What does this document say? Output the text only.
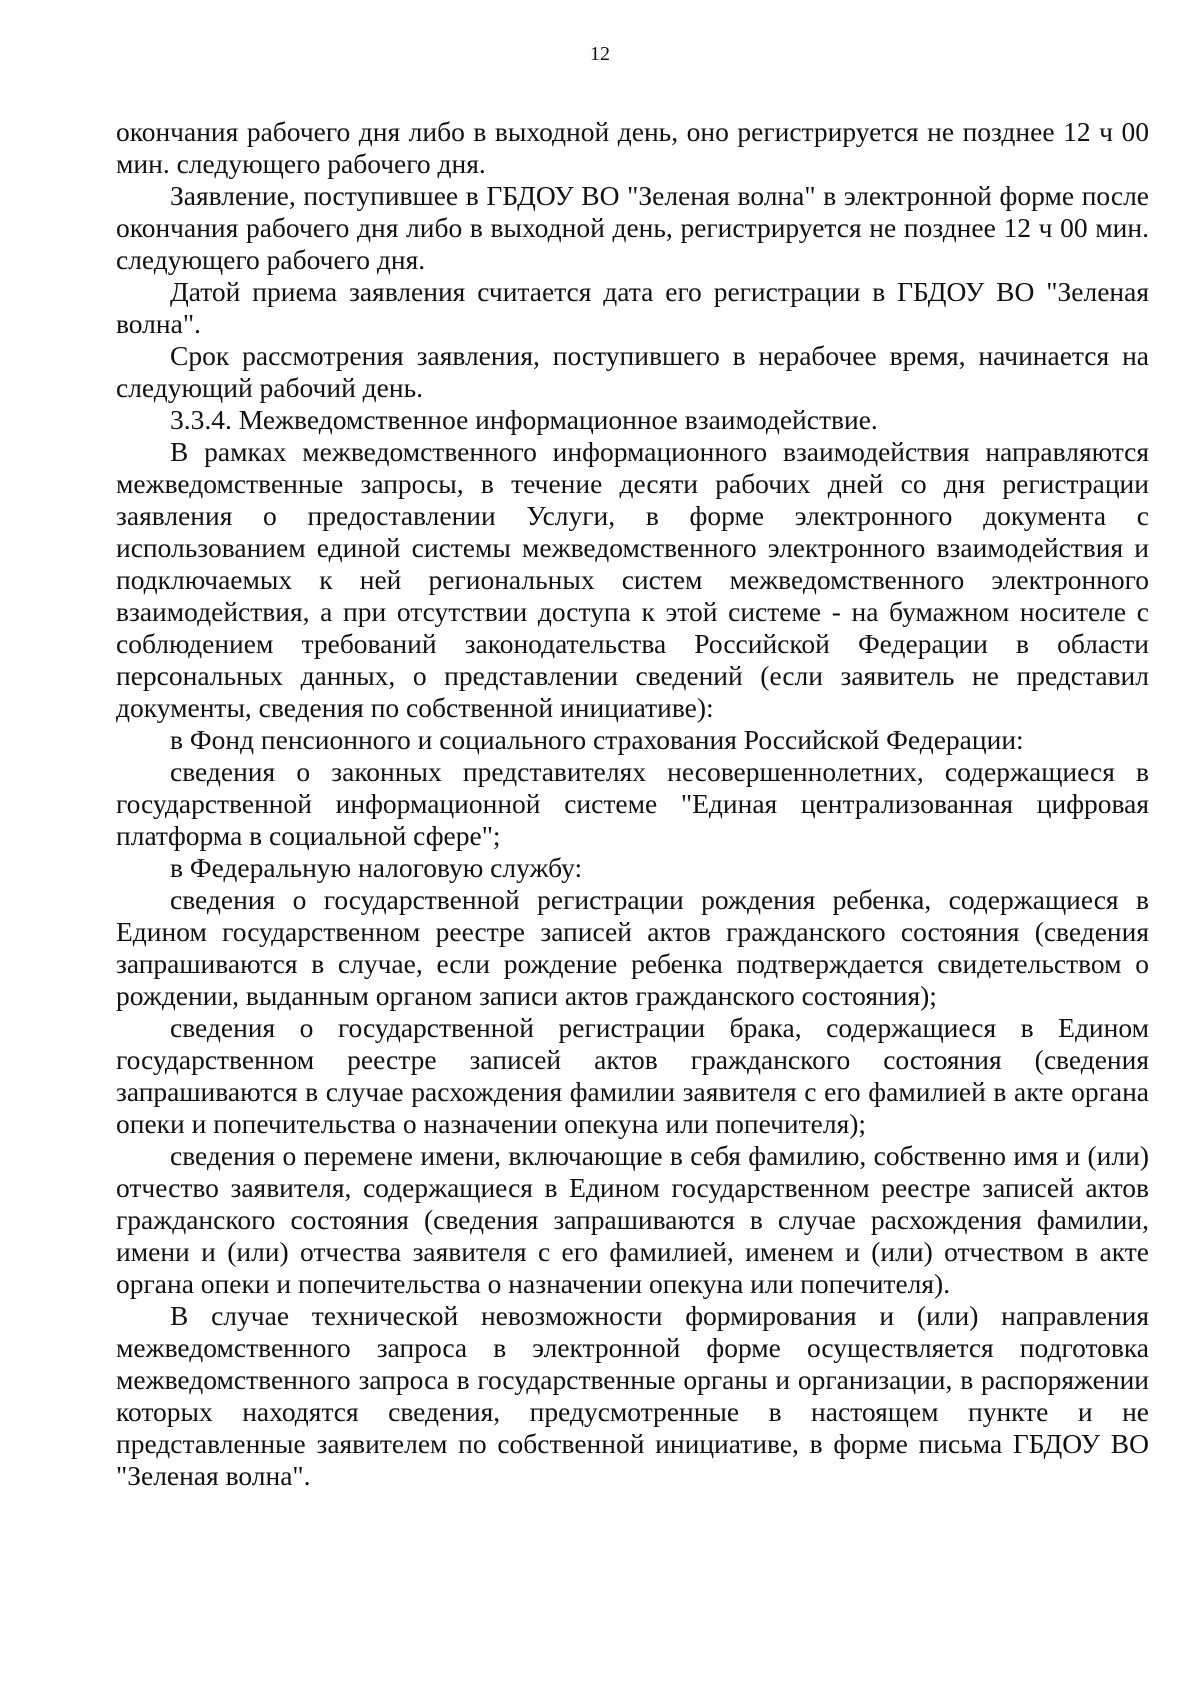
12

окончания рабочего дня либо в выходной день, оно регистрируется не позднее 12 ч 00 мин. следующего рабочего дня.

Заявление, поступившее в ГБДОУ ВО "Зеленая волна" в электронной форме после окончания рабочего дня либо в выходной день, регистрируется не позднее 12 ч 00 мин. следующего рабочего дня.

Датой приема заявления считается дата его регистрации в ГБДОУ ВО "Зеленая волна".

Срок рассмотрения заявления, поступившего в нерабочее время, начинается на следующий рабочий день.

3.3.4. Межведомственное информационное взаимодействие.

В рамках межведомственного информационного взаимодействия направляются межведомственные запросы, в течение десяти рабочих дней со дня регистрации заявления о предоставлении Услуги, в форме электронного документа с использованием единой системы межведомственного электронного взаимодействия и подключаемых к ней региональных систем межведомственного электронного взаимодействия, а при отсутствии доступа к этой системе - на бумажном носителе с соблюдением требований законодательства Российской Федерации в области персональных данных, о представлении сведений (если заявитель не представил документы, сведения по собственной инициативе):

в Фонд пенсионного и социального страхования Российской Федерации:

сведения о законных представителях несовершеннолетних, содержащиеся в государственной информационной системе "Единая централизованная цифровая платформа в социальной сфере";

в Федеральную налоговую службу:

сведения о государственной регистрации рождения ребенка, содержащиеся в Едином государственном реестре записей актов гражданского состояния (сведения запрашиваются в случае, если рождение ребенка подтверждается свидетельством о рождении, выданным органом записи актов гражданского состояния);

сведения о государственной регистрации брака, содержащиеся в Едином государственном реестре записей актов гражданского состояния (сведения запрашиваются в случае расхождения фамилии заявителя с его фамилией в акте органа опеки и попечительства о назначении опекуна или попечителя);

сведения о перемене имени, включающие в себя фамилию, собственно имя и (или) отчество заявителя, содержащиеся в Едином государственном реестре записей актов гражданского состояния (сведения запрашиваются в случае расхождения фамилии, имени и (или) отчества заявителя с его фамилией, именем и (или) отчеством в акте органа опеки и попечительства о назначении опекуна или попечителя).

В случае технической невозможности формирования и (или) направления межведомственного запроса в электронной форме осуществляется подготовка межведомственного запроса в государственные органы и организации, в распоряжении которых находятся сведения, предусмотренные в настоящем пункте и не представленные заявителем по собственной инициативе, в форме письма ГБДОУ ВО "Зеленая волна".
